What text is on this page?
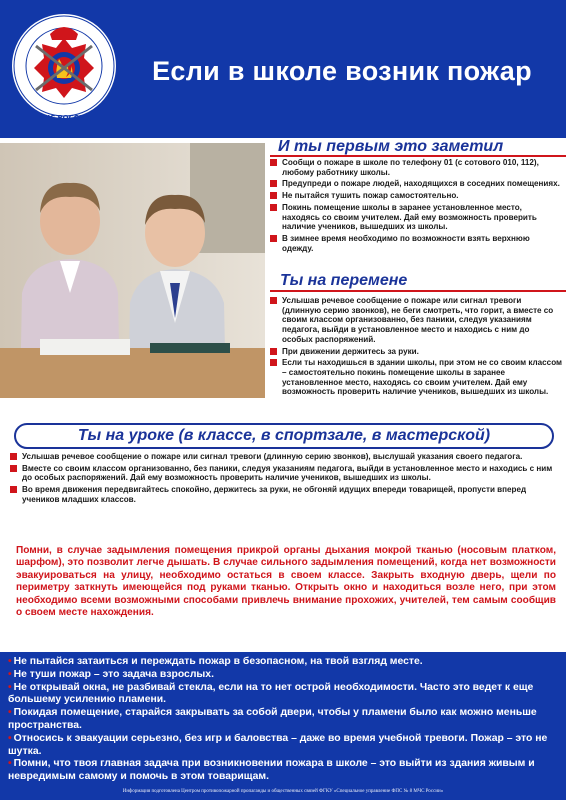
МЧС РОССИИ
Если в школе возник пожар
И ты первым это заметил
Сообщи о пожаре в школе по телефону 01 (с сотового 010, 112), любому работнику школы.
Предупреди о пожаре людей, находящихся в соседних помещениях.
Не пытайся тушить пожар самостоятельно.
Покинь помещение школы в заранее установленное место, находясь со своим учителем. Дай ему возможность проверить наличие учеников, вышедших из школы.
В зимнее время необходимо по возможности взять верхнюю одежду.
Ты на перемене
Услышав речевое сообщение о пожаре или сигнал тревоги (длинную серию звонков), не беги смотреть, что горит, а вместе со своим классом организованно, без паники, следуя указаниям педагога, выйди в установленное место и находись с ним до особых распоряжений.
При движении держитесь за руки.
Если ты находишься в здании школы, при этом не со своим классом – самостоятельно покинь помещение школы в заранее установленное место, находясь со своим учителем. Дай ему возможность проверить наличие учеников, вышедших из школы.
Ты на уроке (в классе, в спортзале, в мастерской)
Услышав речевое сообщение о пожаре или сигнал тревоги (длинную серию звонков), выслушай указания своего педагога.
Вместе со своим классом организованно, без паники, следуя указаниям педагога, выйди в установленное место и находись с ним до особых распоряжений. Дай ему возможность проверить наличие учеников, вышедших из школы.
Во время движения передвигайтесь спокойно, держитесь за руки, не обгоняй идущих впереди товарищей, пропусти вперед учеников младших классов.
Помни, в случае задымления помещения прикрой органы дыхания мокрой тканью (носовым платком, шарфом), это позволит легче дышать. В случае сильного задымления помещений, когда нет возможности эвакуироваться на улицу, необходимо остаться в своем классе. Закрыть входную дверь, щели по периметру заткнуть имеющейся под руками тканью. Открыть окно и находиться возле него, при этом необходимо всеми возможными способами привлечь внимание прохожих, учителей, тем самым сообщив о своем месте нахождения.
• Не пытайся затаиться и переждать пожар в безопасном, на твой взгляд месте.
• Не туши пожар – это задача взрослых.
• Не открывай окна, не разбивай стекла, если на то нет острой необходимости. Часто это ведет к еще большему усилению пламени.
• Покидая помещение, старайся закрывать за собой двери, чтобы у пламени было как можно меньше пространства.
• Относись к эвакуации серьезно, без игр и баловства – даже во время учебной тревоги. Пожар – это не шутка.
• Помни, что твоя главная задача при возникновении пожара в школе – это выйти из здания живым и невредимым самому и помочь в этом товарищам.
Информация подготовлена Центром противопожарной пропаганды и общественных связей ФГКУ «Специальное управление ФПС № 8 МЧС России»
